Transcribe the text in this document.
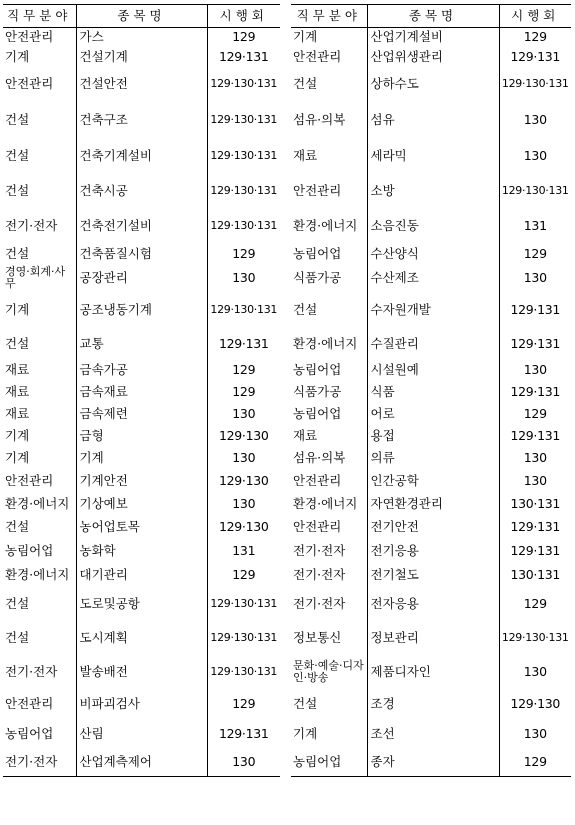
직무분야	종목명	시행회
안전관리	가스	129
기계	건설기계	129·131
안전관리	건설안전	129·130·131
건설	건축구조	129·130·131
건설	건축기계설비	129·130·131
건설	건축시공	129·130·131
전기·전자	건축전기설비	129·130·131
건설	건축품질시험	129
경영·회계·사무	공장관리	130
기계	공조냉동기계	129·130·131
건설	교통	129·131
재료	금속가공	129
재료	금속재료	129
재료	금속제련	130
기계	금형	129·130
기계	기계	130
안전관리	기계안전	129·130
환경·에너지	기상예보	130
건설	농어업토목	129·130
농림어업	농화학	131
환경·에너지	대기관리	129
건설	도로및공항	129·130·131
건설	도시계획	129·130·131
전기·전자	발송배전	129·130·131
안전관리	비파괴검사	129
농림어업	산림	129·131
전기·전자	산업계측제어	130
직무분야	종목명	시행회
기계	산업기계설비	129
안전관리	산업위생관리	129·131
건설	상하수도	129·130·131
섬유·의복	섬유	130
재료	세라믹	130
안전관리	소방	129·130·131
환경·에너지	소음진동	131
농림어업	수산양식	129
식품가공	수산제조	130
건설	수자원개발	129·131
환경·에너지	수질관리	129·131
농림어업	시설원예	130
식품가공	식품	129·131
농림어업	어로	129
재료	용접	129·131
섬유·의복	의류	130
안전관리	인간공학	130
환경·에너지	자연환경관리	130·131
안전관리	전기안전	129·131
전기·전자	전기응용	129·131
전기·전자	전기철도	130·131
전기·전자	전자응용	129
정보통신	정보관리	129·130·131
문화·예술·디자인·방송	제품디자인	130
건설	조경	129·130
기계	조선	130
농림어업	종자	129
